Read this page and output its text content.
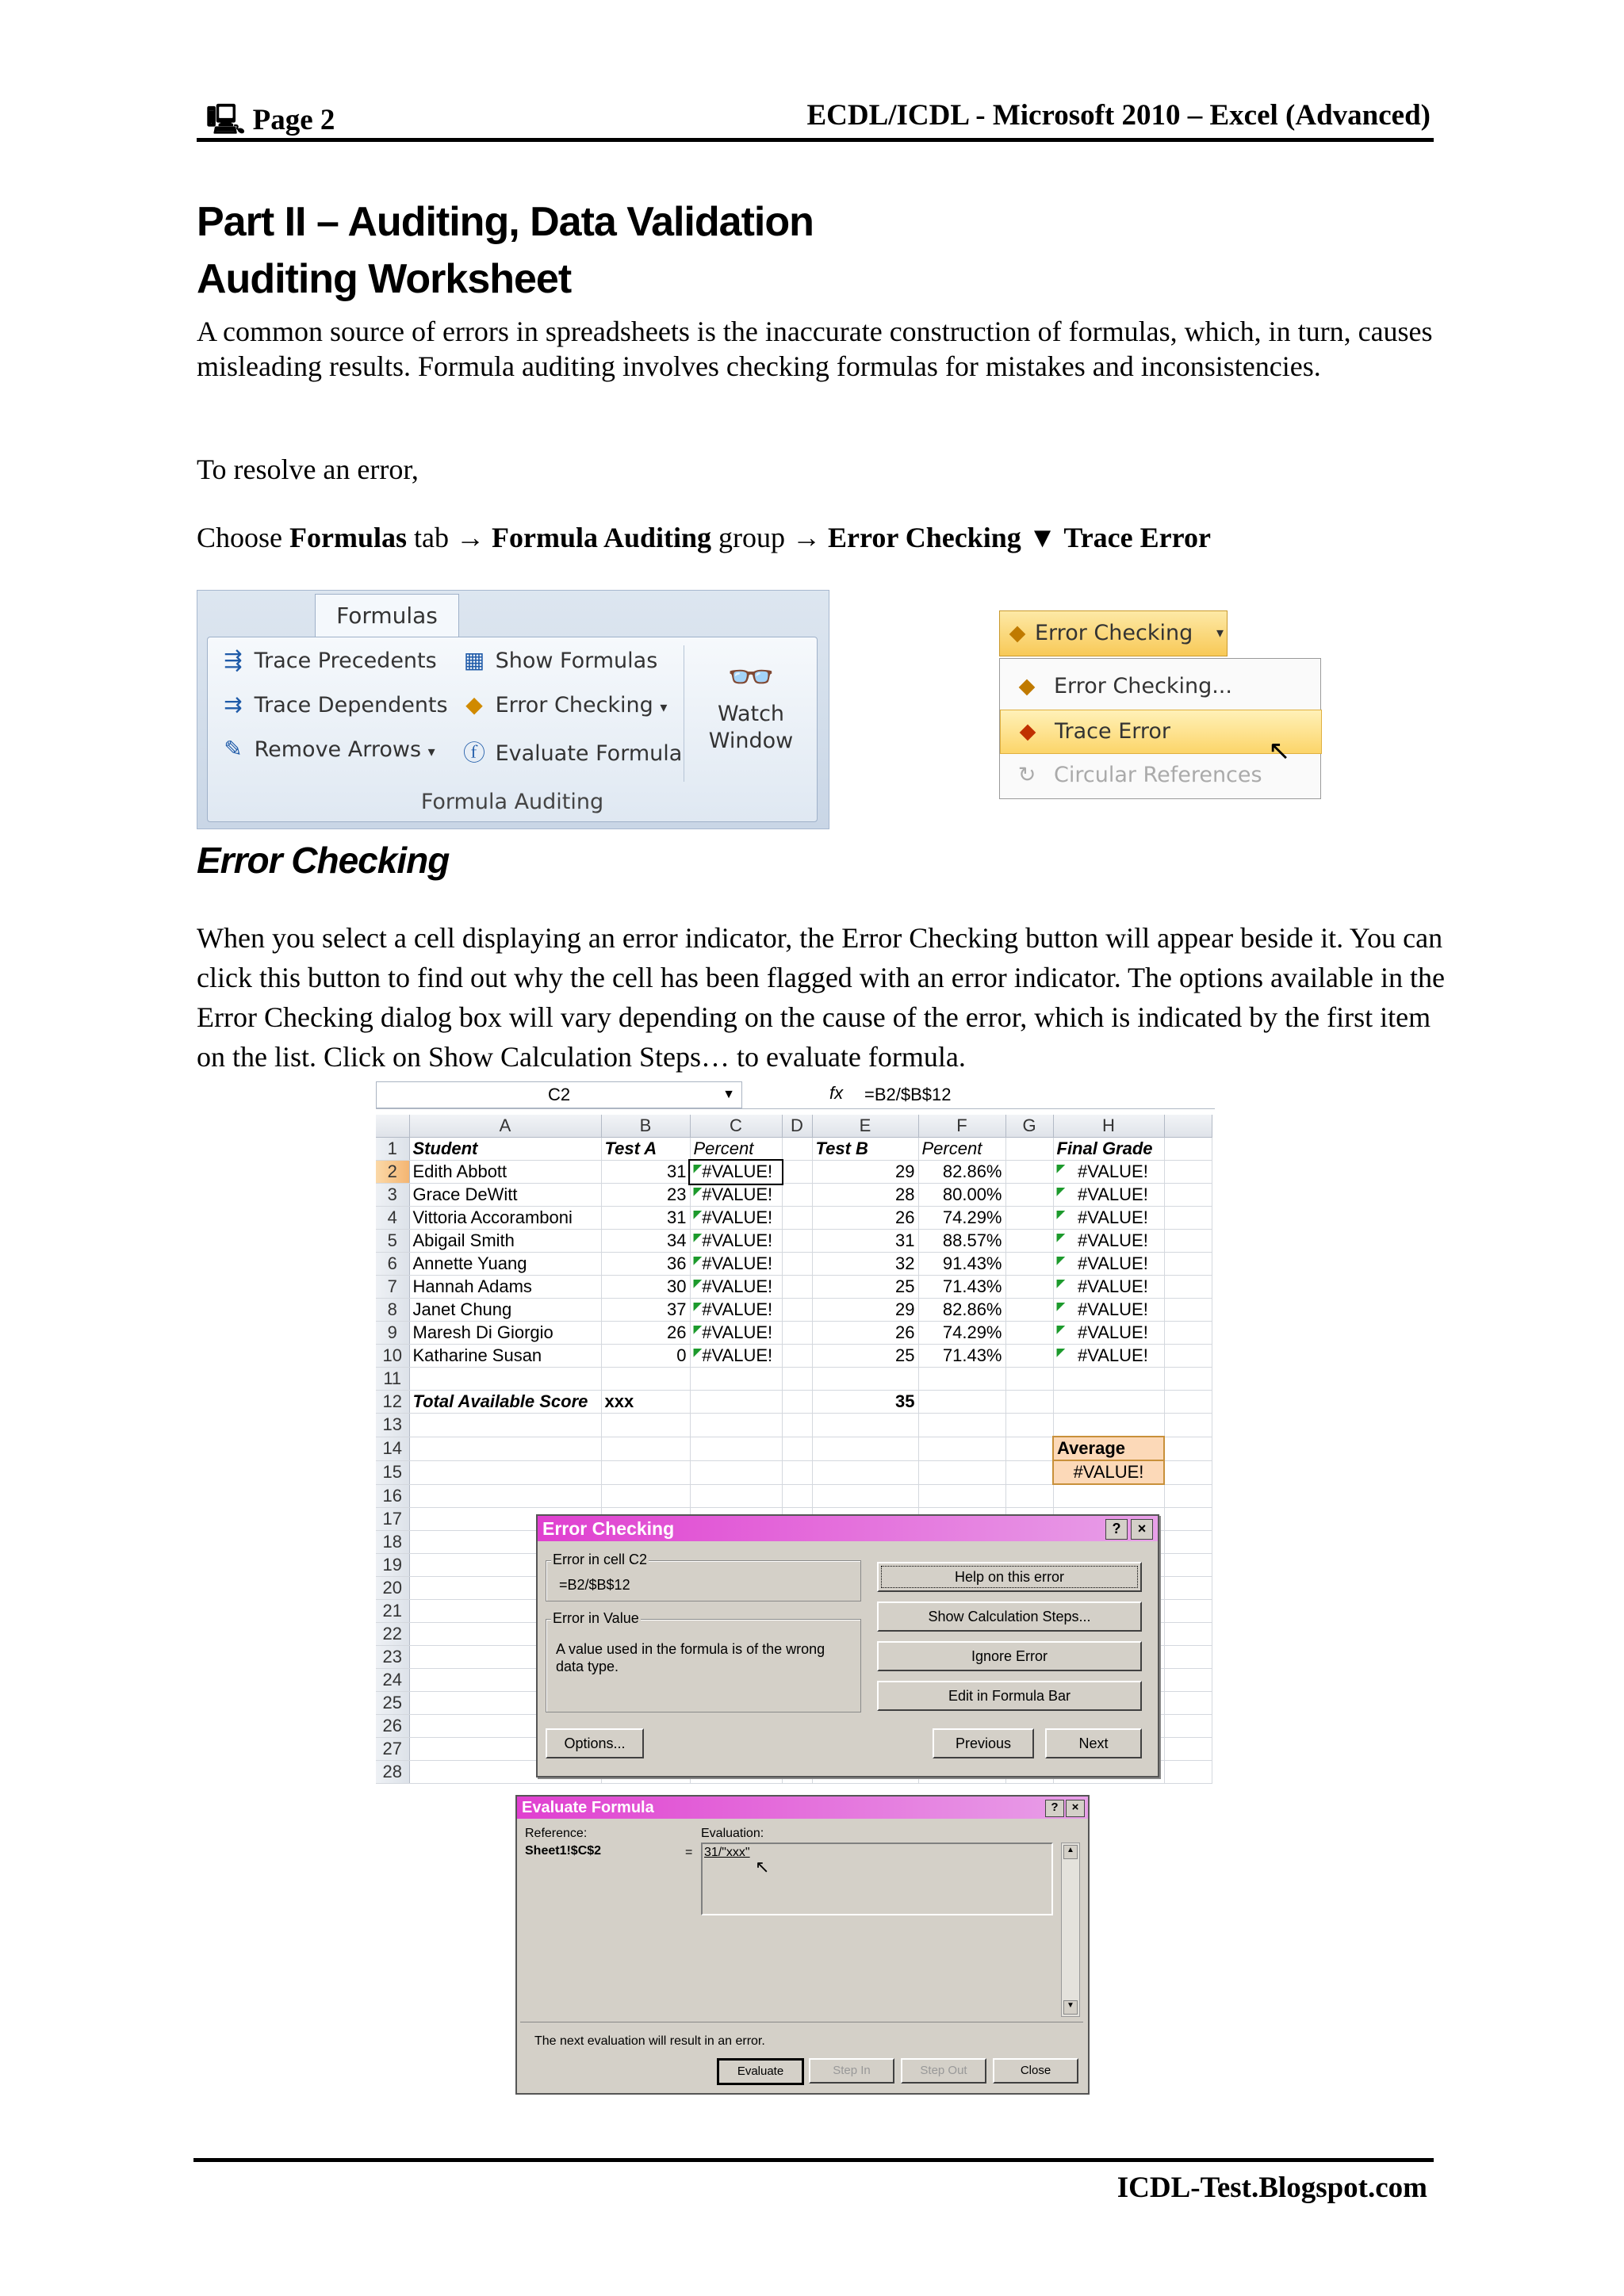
🖳 Page 2	ECDL/ICDL - Microsoft 2010 – Excel (Advanced)
Part II – Auditing, Data Validation
Auditing Worksheet
A common source of errors in spreadsheets is the inaccurate construction of formulas, which, in turn, causes misleading results. Formula auditing involves checking formulas for mistakes and inconsistencies.
To resolve an error,
Choose Formulas tab → Formula Auditing group → Error Checking ▼ Trace Error
Formulas
⇶ Trace Precedents
⇉ Trace Dependents
✎ Remove Arrows ▾
▦ Show Formulas
◆ Error Checking ▾
ⓕ Evaluate Formula
👓
Watch
Window
Formula Auditing
◆ Error Checking ▾
◆ Error Checking...
◆ Trace Error
↻ Circular References
↖
Error Checking
When you select a cell displaying an error indicator, the Error Checking button will appear beside it. You can click this button to find out why the cell has been flagged with an error indicator. The options available in the Error Checking dialog box will vary depending on the cause of the error, which is indicated by the first item on the list. Click on Show Calculation Steps… to evaluate formula.
C2	▼	fx =B2/$B$12
	A	B	C	D	E	F	G	H	
1	Student	Test A	Percent		Test B	Percent		Final Grade	
2	Edith Abbott	31	◤#VALUE!		29	82.86%		◤ #VALUE!	
3	Grace DeWitt	23	◤#VALUE!		28	80.00%		◤ #VALUE!	
4	Vittoria Accoramboni	31	◤#VALUE!		26	74.29%		◤ #VALUE!	
5	Abigail Smith	34	◤#VALUE!		31	88.57%		◤ #VALUE!	
6	Annette Yuang	36	◤#VALUE!		32	91.43%		◤ #VALUE!	
7	Hannah Adams	30	◤#VALUE!		25	71.43%		◤ #VALUE!	
8	Janet Chung	37	◤#VALUE!		29	82.86%		◤ #VALUE!	
9	Maresh Di Giorgio	26	◤#VALUE!		26	74.29%		◤ #VALUE!	
10	Katharine Susan	0	◤#VALUE!		25	71.43%		◤ #VALUE!	
11									
12	Total Available Score	xxx			35				
13									
14								Average	
15								#VALUE!	
16									
17									
18									
19									
20									
21									
22									
23									
24									
25									
26									
27									
28									
Error Checking	?	×
Error in cell C2
=B2/$B$12
Error in Value
A value used in the formula is of the wrong data type.
Help on this error
Show Calculation Steps...
Ignore Error
Edit in Formula Bar
Options...	Previous	Next
Evaluate Formula	?	×
Reference:
Sheet1!$C$2	=
Evaluation:
31/"xxx"
↖
▲
▼
The next evaluation will result in an error.
Evaluate	Step In	Step Out	Close
ICDL-Test.Blogspot.com
